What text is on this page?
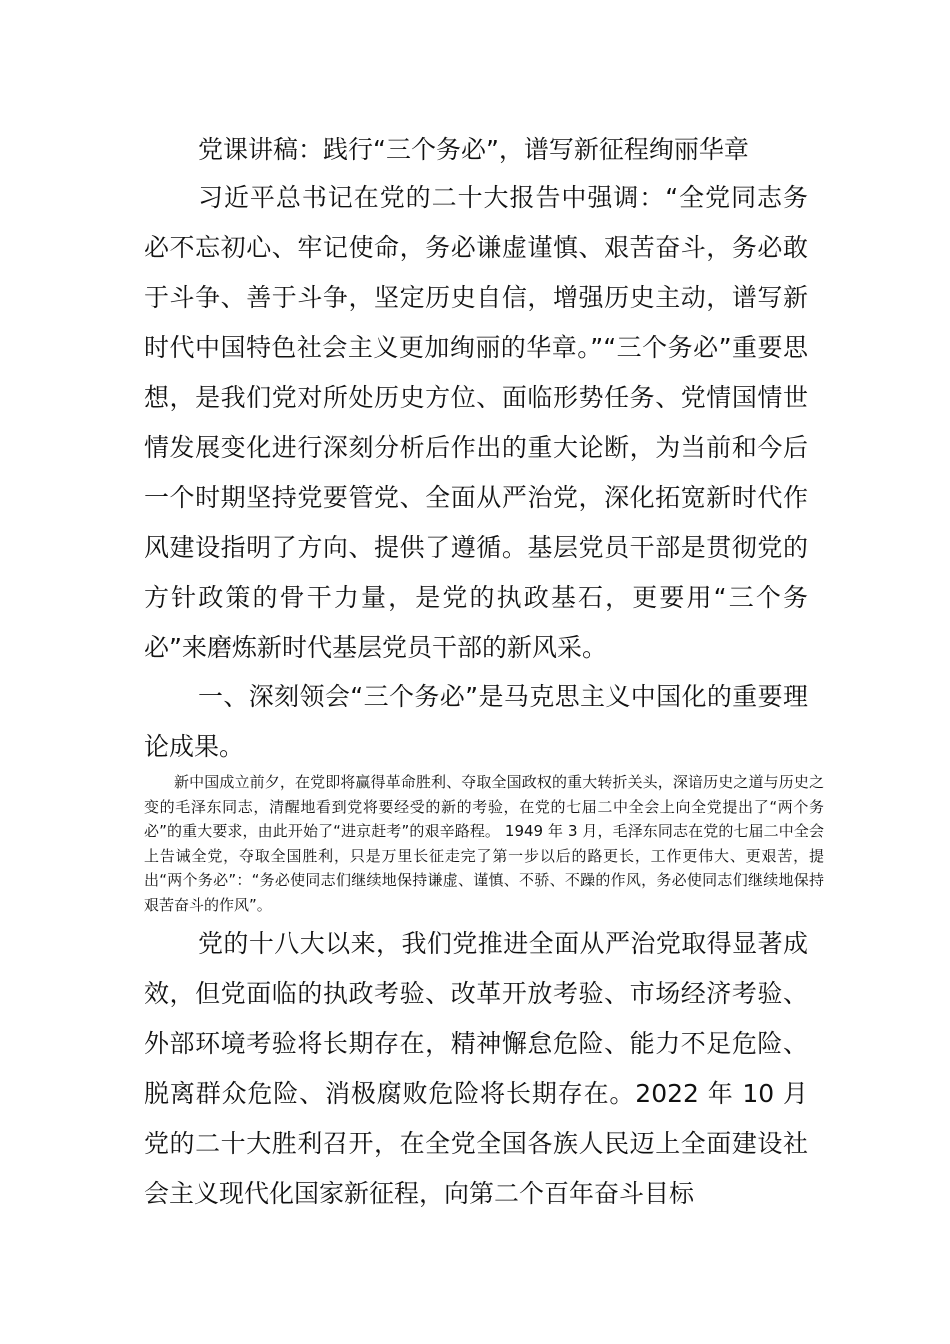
党课讲稿：践行“三个务必”，谱写新征程绚丽华章

习近平总书记在党的二十大报告中强调：“全党同志务必不忘初心、牢记使命，务必谦虚谨慎、艰苦奋斗，务必敢于斗争、善于斗争，坚定历史自信，增强历史主动，谱写新时代中国特色社会主义更加绚丽的华章。”“三个务必”重要思想，是我们党对所处历史方位、面临形势任务、党情国情世情发展变化进行深刻分析后作出的重大论断，为当前和今后一个时期坚持党要管党、全面从严治党，深化拓宽新时代作风建设指明了方向、提供了遵循。基层党员干部是贯彻党的方针政策的骨干力量，是党的执政基石，更要用“三个务必”来磨炼新时代基层党员干部的新风采。

一、深刻领会“三个务必”是马克思主义中国化的重要理论成果。

新中国成立前夕，在党即将赢得革命胜利、夺取全国政权的重大转折关头，深谙历史之道与历史之变的毛泽东同志，清醒地看到党将要经受的新的考验，在党的七届二中全会上向全党提出了“两个务必”的重大要求，由此开始了“进京赶考”的艰辛路程。 1949 年 3 月，毛泽东同志在党的七届二中全会上告诫全党，夺取全国胜利，只是万里长征走完了第一步以后的路更长，工作更伟大、更艰苦，提出“两个务必”：“务必使同志们继续地保持谦虚、谨慎、不骄、不躁的作风，务必使同志们继续地保持艰苦奋斗的作风”。

党的十八大以来，我们党推进全面从严治党取得显著成效，但党面临的执政考验、改革开放考验、市场经济考验、外部环境考验将长期存在，精神懈怠危险、能力不足危险、脱离群众危险、消极腐败危险将长期存在。2022 年 10 月党的二十大胜利召开，在全党全国各族人民迈上全面建设社会主义现代化国家新征程，向第二个百年奋斗目标
